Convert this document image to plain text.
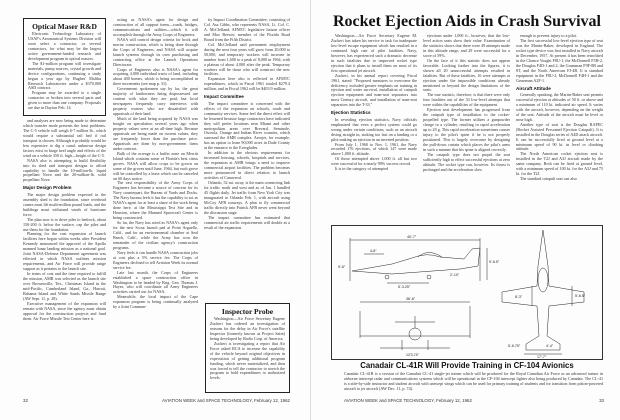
Optical Maser R&D

Electronic Technology Laboratory of USAF's Aeronautical Systems Division will soon select a contractor, or several contractors, for what may be the largest active government-funded research and development program in optical masers.

The $1-million program will investigate materials, pump sources, crystal growth and device configurations, continuing a study begun a year ago by Hughes' Malibu Research Laboratories under a $370,000 ASD contract.

Program may be awarded to a single contractor or broken into several parts and given to more than one company. Proposals are due in Dayton Feb. 14.

and analyses are now being made to determine which transfer mode presents the least problems. The C-5 vehicle will weigh 6-7 million lb., which would require a substantial rail bed if rail transport is chosen. Although it probably would be less expensive to dig a canal, unknown design factors exist in barge keel angle and effects of the wind on a vehicle 350 ft. high—height of the C-5.

NASA also is attempting to build flexibility into its shed and transport designs to afford capability to handle the 10-million-lb. liquid propellant Nova and the 20-million-lb. solid propellant Nova.

Major Design Problem

The major design problem expected in the assembly shed is the foundation, since overhead cranes must lift multi-million pound loads, and the buildings must withstand winds of hurricane force.

The plan now is to drive piles to bedrock, about 150-200 ft. below the surface, cap the piles and use them for the foundation.

Planning for the vast expansion of launch facilities here began within weeks after President Kennedy announced the approval of the Apollo manned lunar landing mission as a national goal. Joint NASA-Defense Department agreement was effected in which NASA outlines mission requirements, and Air Force will provide range support as it pertains to the launch site.

In terms of cost and the time required to fulfill the mission, AMR was selected as the launch site over Brownsville, Tex., Christmas Island in the mid-Pacific, Cumberland Island, Ga., Hawaii, Bahama Island and White Sands Missile Range (AW Sept. 11, p. 28).

Executive management of the expansion will remain with NASA, since the agency must obtain approval for the construction projects and fund them. Air Force Missile Test Center here is

acting as NASA's agent for design and construction of all support items—roads, bridges, communications and utilities—which it will accomplish through the Army Corps of Engineers.

NASA will control design criteria for brick and mortar construction, which is being done through the Corps of Engineers, and NASA will acquire launch systems through its own purchasing and contracting office at the Launch Operations Directorate.

Corps of Engineers also is NASA's agent for acquiring 4,000 individual tracts of land, including about 400 homes, which is being accomplished in three increments (see map p. 31).

Government spokesmen say by far, the great majority of landowners being dispossessed are content with what they are paid, but local newspapers frequently carry interviews with property owners who are dissatisfied with appraisals of their land.

Much of the land being acquired by NASA was bought on speculation several years ago when property values were at an all-time high. Because appraisals are being made on current values, they are frequently lower than the purchase price. Appraisals are done by non-government firms under contract.

Bulk of the acreage is a buffer zone on Merritt Island which contains some of Florida's best citrus groves. NASA will allow crops to be grown on some of the groves until June, 1964, but each grove will be controlled by a lease which can be canceled on 60 days notice.

The vast responsibility of the Army Corps of Engineers has become a source of concern for its Navy counterpart, the Bureau of Yards and Docks. The Navy bureau feels it has the capability to act as NASA's agent for at least a share of the work being done here, at the Mississippi Test Site and in Houston, where the Manned Spacecraft Center is being constructed.

So far, the Navy has acted as NASA's agent only for the new Scout launch pad at Point Arguello, Calif., and for an environmental chamber at Seal Beach, Calif., while the Army has won the remainder of the civilian agency's construction programs.

Navy feels it can handle NASA construction jobs at cost plus a 5% service fee. The Corps of Engineers declined to tell Aviation Week its normal service fee.

Late last month, the Corps of Engineers established a space construction office in Washington to be headed by Brig. Gen. Thomas J. Hayes, who will coordinate all Army Engineers activities carried out for NASA.

Meanwhile, the local impact of the Cape expansion program is being continually analyzed by a Joint Commun-

ity Impact Coordination Committee, consisting of Col. Asa Gibbs, who represents NASA, Lt. Col. C. A. McClelland, AFMTC legislative liaison officer and Max Brewer, member of the Florida Road Board from the Fifth District.

Col. McClelland said permanent employment during the next four years will grow from 20,000 to 50,000, and temporary workers will increase in number from 1,600 to a peak of 8,000 in 1964, with a plateau of about 4,000 after the peak. Temporary workers will be those who will construct the new facilities.

Expansion here also is reflected in AFMTC expenditures, which in Fiscal 1961 totaled $279.4 million, and in Fiscal 1962 will be $403.9 million.

Impact Committee

The impact committee is concerned with the effects of the expansion on schools, roads and community services. Some feel the direct effect will be lessened because large contractors have indicated they will prefer locations near Miami and other metropolitan areas over Brevard, Seminole, Osceola, Orange and Indian River counties, which surround the AMR complex. Aerojet, for example, has an option to lease 90,000 acres in Dade County at the entrance to the Everglades.

In addition to the obvious requirements for increased housing, schools, hospitals and services, the expansion at AMR brings a need to improve commercial airport facilities. The problem becomes more pronounced in direct relation to launch activities of Canaveral.

Orlando, 52 mi. away, is the main connecting link for traffic north and west and as of Jan. 1 handled 45 flights daily. Jet traffic from New York City was inaugurated to Orlando Feb. 1, with aircraft using McCoy AFB runways. A plan to fly commercial traffic directly into Patrick AFB never went beyond the discussion stage.

The impact committee has estimated that commercial air traffic requirements will double as a result of the expansion.

Inspector Probe

Washington—Air Force Secretary Eugene Zuckert has ordered an investigation of reasons for the delay in Air Force's satellite Inspector (formerly known as Project Saint) being developed by Radio Corp. of America.

Zuckert is investigating a report that Air Force asked RCA to increase the capability of the vehicle beyond original objectives in expectation of getting additional program funding, which never materialized, and then was forced to tell the contractor to stretch the program to hold expenditures to authorized levels.

32	AVIATION WEEK and SPACE TECHNOLOGY, February 12, 1962
Rocket Ejection Aids in Crash Survival

Washington—Air Force Secretary Eugene M. Zuckert has taken his service to task for inadequate low-level escape equipment which has resulted in a continued high rate of pilot fatalities. Navy, however, has experienced such a dramatic decrease in such fatalities due to improved rocket type ejection that it plans to install them on most of its first operational jet aircraft.

Zuckert, in his annual report covering Fiscal 1961, stated: "Proposed measures to overcome the deficiency included greater emphasis on training in ejection and water survival, installation of catapult ejection equipment and man-seat separators into most Century aircraft, and installation of man-seat separators into the T-33."

Ejection Statistics

In revealing ejection statistics, Navy officials emphasized that even a perfect system could go wrong under certain conditions, such as an aircraft diving straight in, sinking too fast on a landing or a pilot making an ejection in an inverted position.

From July 1, 1960 to Nov. 1, 1961, the Navy recorded 176 ejections, of which 147 were made above 1,000 ft. altitude.

Of those attempted above 1,000 ft. all but two were successful for a nearly 99% success record.

It is in the category of attempted

ejections under 1,000 ft., however, that the low-level action seats show their value. Examination of the statistics shows that there were 49 attempts made in this altitude range, and 29 were successful for a score of 59%.

On the face of it this statistic does not appear favorable. Looking further into the figures, it is shown all 20 unsuccessful attempts resulted in fatalities. But of these fatalities, 16 were attempts at ejection under the impossible conditions already mentioned or beyond the design limitations of the seats.

The true statistic, therefore, is that there were only four fatalities out of the 33 low-level attempts that were within the capabilities of the equipment.

Ejection seat development has progressed from the catapult type of installation to the rocket-propelled type. The former utilizes a gunpowder charge in a cylinder, resulting in rapid acceleration up to 20 g. This rapid acceleration sometimes causes injury to the pilot's spine if he is not properly positioned. This is largely overcome by designing the pull-down curtain which places the pilot's arms in such a manner that his spine is aligned correctly.

The catapult type does not propel the seat sufficiently high to effect successful ejections at zero altitude. The rocket type can, however. Its thrust is prolonged and the acceleration slow

enough to prevent injury to a pilot.

The first successful low-level ejection type of seat was the Martin-Baker, developed in England. The rocket type device was first installed in Navy aircraft in December, 1957. At present it has been retrofitted in the Chance Vought F8U-1, the McDonnell F3H-2, the Douglas F4D-1 and 2, the Grumman F9F-8B and 8T, and the North American FJ-4B. It is standard equipment in the F8U-2, McDonnell F4H-1 and the Grumman A2F-1.

Aircraft Attitude

Generally speaking, the Martin-Baker seat permits successful ejection at altitudes of 50 ft. or above and a minimum of 110 kt. indicated air speed. It varies with the aircraft, however, depending on the weight of the seat. Attitude of the aircraft must be level or nose high.

Another type of seat is the Douglas RAPEC (Rocket Assisted Personnel Ejection Catapult). It is installed in the Douglas series of A4D attack aircraft. It can be successfully fired at ground level at a minimum speed of 90 kt. in level or climbing attitude.

The North American rocket ejection seat is installed in the T2J and A3J aircraft made by the same company. Both can be fired at ground level, with a minimum speed of 100 kt. for the A3J and 75 kt. for the T2J.

The standard catapult seat can also

40'-7"
4-8"
9'-6.5"
5'-3.25"
2'-10"
9'-6"
36'-6"
12'3.74"
8'-3"	5'-6.5"
5'-6.75"	4'-4"
17'-7"
Canadair CL-41R Will Provide Training in CF-104 Avionics
Canadair CL-41R is a version of the Canadair CL-41 single-jet trainer which will be produced for the Royal Canadian Air Force as an advanced trainer in airborne intercept radar and communications systems which will be operational in the CF-104 intercept fighter also being produced by Canadair. The CL-41 is a side-by-side instructor and student aircraft with unswept wings which can be used for primary training of students and for transition from piston-powered aircraft to jet aircraft (AW Dec. 11, p. 74).
AVIATION WEEK and SPACE TECHNOLOGY, February 12, 1962	33
